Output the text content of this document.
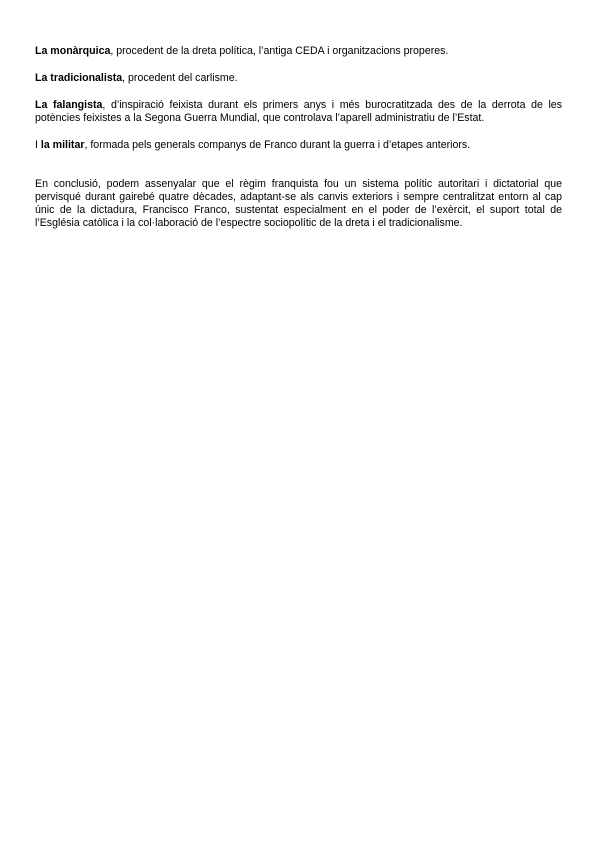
La monàrquica, procedent de la dreta política, l’antiga CEDA i organitzacions properes.

La tradicionalista, procedent del carlisme.

La falangista, d’inspiració feixista durant els primers anys i més burocratitzada des de la derrota de les potències feixistes a la Segona Guerra Mundial, que controlava l’aparell administratiu de l’Estat.

I la militar, formada pels generals companys de Franco durant la guerra i d’etapes anteriors.

En conclusió, podem assenyalar que el règim franquista fou un sistema polític autoritari i dictatorial que pervisqué durant gairebé quatre dècades, adaptant-se als canvis exteriors i sempre centralitzat entorn al cap únic de la dictadura, Francisco Franco, sustentat especialment en el poder de l’exèrcit, el suport total de l’Església catòlica i la col·laboració de l’espectre sociopolític de la dreta i el tradicionalisme.
